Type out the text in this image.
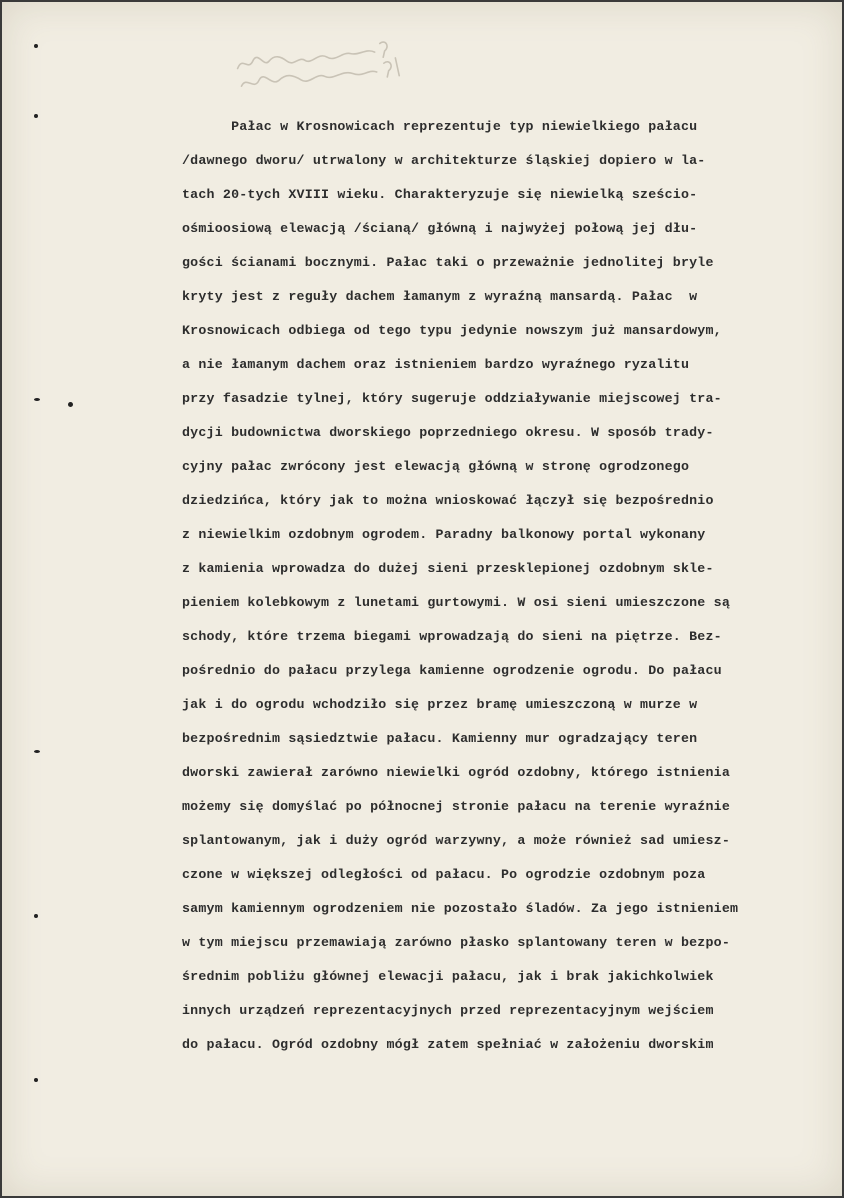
Pałac w Krosnowicach reprezentuje typ niewielkiego pałacu
/dawnego dworu/ utrwalony w architekturze śląskiej dopiero w la-
tach 20-tych XVIII wieku. Charakteryzuje się niewielką sześcio-
ośmioosiową elewacją /ścianą/ główną i najwyżej połową jej dłu-
gości ścianami bocznymi. Pałac taki o przeważnie jednolitej bryle
kryty jest z reguły dachem łamanym z wyraźną mansardą. Pałac  w
Krosnowicach odbiega od tego typu jedynie nowszym już mansardowym,
a nie łamanym dachem oraz istnieniem bardzo wyraźnego ryzalitu
przy fasadzie tylnej, który sugeruje oddziaływanie miejscowej tra-
dycji budownictwa dworskiego poprzedniego okresu. W sposób trady-
cyjny pałac zwrócony jest elewacją główną w stronę ogrodzonego
dziedzińca, który jak to można wnioskować łączył się bezpośrednio
z niewielkim ozdobnym ogrodem. Paradny balkonowy portal wykonany
z kamienia wprowadza do dużej sieni przesklepionej ozdobnym skle-
pieniem kolebkowym z lunetami gurtowymi. W osi sieni umieszczone są
schody, które trzema biegami wprowadzają do sieni na piętrze. Bez-
pośrednio do pałacu przylega kamienne ogrodzenie ogrodu. Do pałacu
jak i do ogrodu wchodziło się przez bramę umieszczoną w murze w
bezpośrednim sąsiedztwie pałacu. Kamienny mur ogradzający teren
dworski zawierał zarówno niewielki ogród ozdobny, którego istnienia
możemy się domyślać po północnej stronie pałacu na terenie wyraźnie
splantowanym, jak i duży ogród warzywny, a może również sad umiesz-
czone w większej odległości od pałacu. Po ogrodzie ozdobnym poza
samym kamiennym ogrodzeniem nie pozostało śladów. Za jego istnieniem
w tym miejscu przemawiają zarówno płasko splantowany teren w bezpo-
średnim pobliżu głównej elewacji pałacu, jak i brak jakichkolwiek
innych urządzeń reprezentacyjnych przed reprezentacyjnym wejściem
do pałacu. Ogród ozdobny mógł zatem spełniać w założeniu dworskim
